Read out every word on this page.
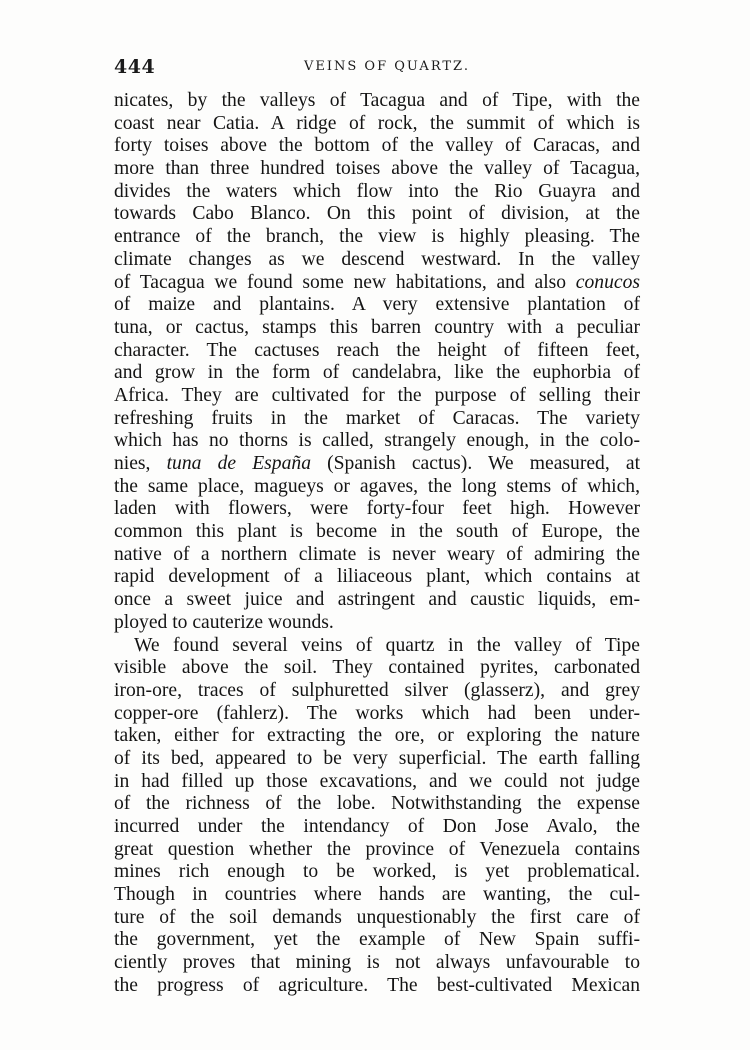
444	VEINS OF QUARTZ.
nicates, by the valleys of Tacagua and of Tipe, with the
coast near Catia. A ridge of rock, the summit of which is
forty toises above the bottom of the valley of Caracas, and
more than three hundred toises above the valley of Tacagua,
divides the waters which flow into the Rio Guayra and
towards Cabo Blanco. On this point of division, at the
entrance of the branch, the view is highly pleasing. The
climate changes as we descend westward. In the valley
of Tacagua we found some new habitations, and also conucos
of maize and plantains. A very extensive plantation of
tuna, or cactus, stamps this barren country with a peculiar
character. The cactuses reach the height of fifteen feet,
and grow in the form of candelabra, like the euphorbia of
Africa. They are cultivated for the purpose of selling their
refreshing fruits in the market of Caracas. The variety
which has no thorns is called, strangely enough, in the colo-
nies, tuna de España (Spanish cactus). We measured, at
the same place, magueys or agaves, the long stems of which,
laden with flowers, were forty-four feet high. However
common this plant is become in the south of Europe, the
native of a northern climate is never weary of admiring the
rapid development of a liliaceous plant, which contains at
once a sweet juice and astringent and caustic liquids, em-
ployed to cauterize wounds.
We found several veins of quartz in the valley of Tipe
visible above the soil. They contained pyrites, carbonated
iron-ore, traces of sulphuretted silver (glasserz), and grey
copper-ore (fahlerz). The works which had been under-
taken, either for extracting the ore, or exploring the nature
of its bed, appeared to be very superficial. The earth falling
in had filled up those excavations, and we could not judge
of the richness of the lobe. Notwithstanding the expense
incurred under the intendancy of Don Jose Avalo, the
great question whether the province of Venezuela contains
mines rich enough to be worked, is yet problematical.
Though in countries where hands are wanting, the cul-
ture of the soil demands unquestionably the first care of
the government, yet the example of New Spain suffi-
ciently proves that mining is not always unfavourable to
the progress of agriculture. The best-cultivated Mexican
